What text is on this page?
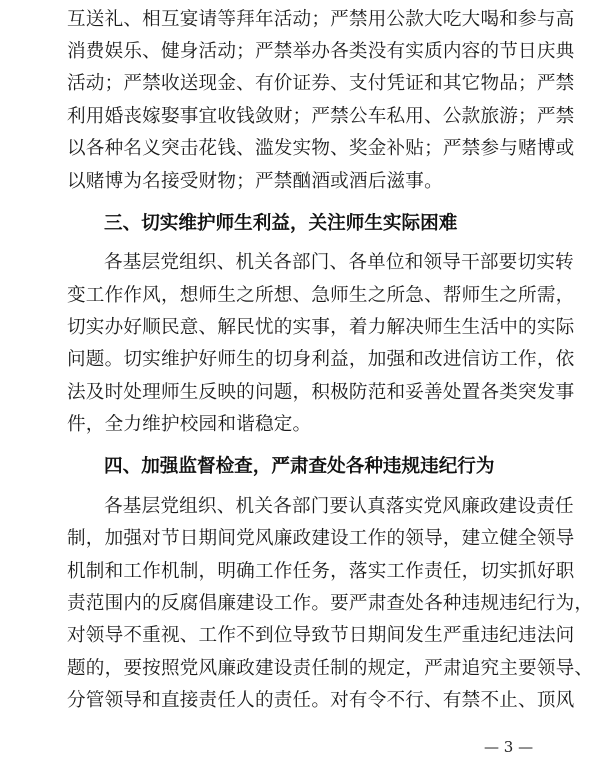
互送礼、相互宴请等拜年活动；严禁用公款大吃大喝和参与高
消费娱乐、健身活动；严禁举办各类没有实质内容的节日庆典
活动；严禁收送现金、有价证券、支付凭证和其它物品；严禁
利用婚丧嫁娶事宜收钱敛财；严禁公车私用、公款旅游；严禁
以各种名义突击花钱、滥发实物、奖金补贴；严禁参与赌博或
以赌博为名接受财物；严禁酗酒或酒后滋事。
三、切实维护师生利益，关注师生实际困难
各基层党组织、机关各部门、各单位和领导干部要切实转
变工作作风，想师生之所想、急师生之所急、帮师生之所需，
切实办好顺民意、解民忧的实事，着力解决师生生活中的实际
问题。切实维护好师生的切身利益，加强和改进信访工作，依
法及时处理师生反映的问题，积极防范和妥善处置各类突发事
件，全力维护校园和谐稳定。
四、加强监督检查，严肃查处各种违规违纪行为
各基层党组织、机关各部门要认真落实党风廉政建设责任
制，加强对节日期间党风廉政建设工作的领导，建立健全领导
机制和工作机制，明确工作任务，落实工作责任，切实抓好职
责范围内的反腐倡廉建设工作。要严肃查处各种违规违纪行为，
对领导不重视、工作不到位导致节日期间发生严重违纪违法问
题的，要按照党风廉政建设责任制的规定，严肃追究主要领导、
分管领导和直接责任人的责任。对有令不行、有禁不止、顶风
— 3 —
